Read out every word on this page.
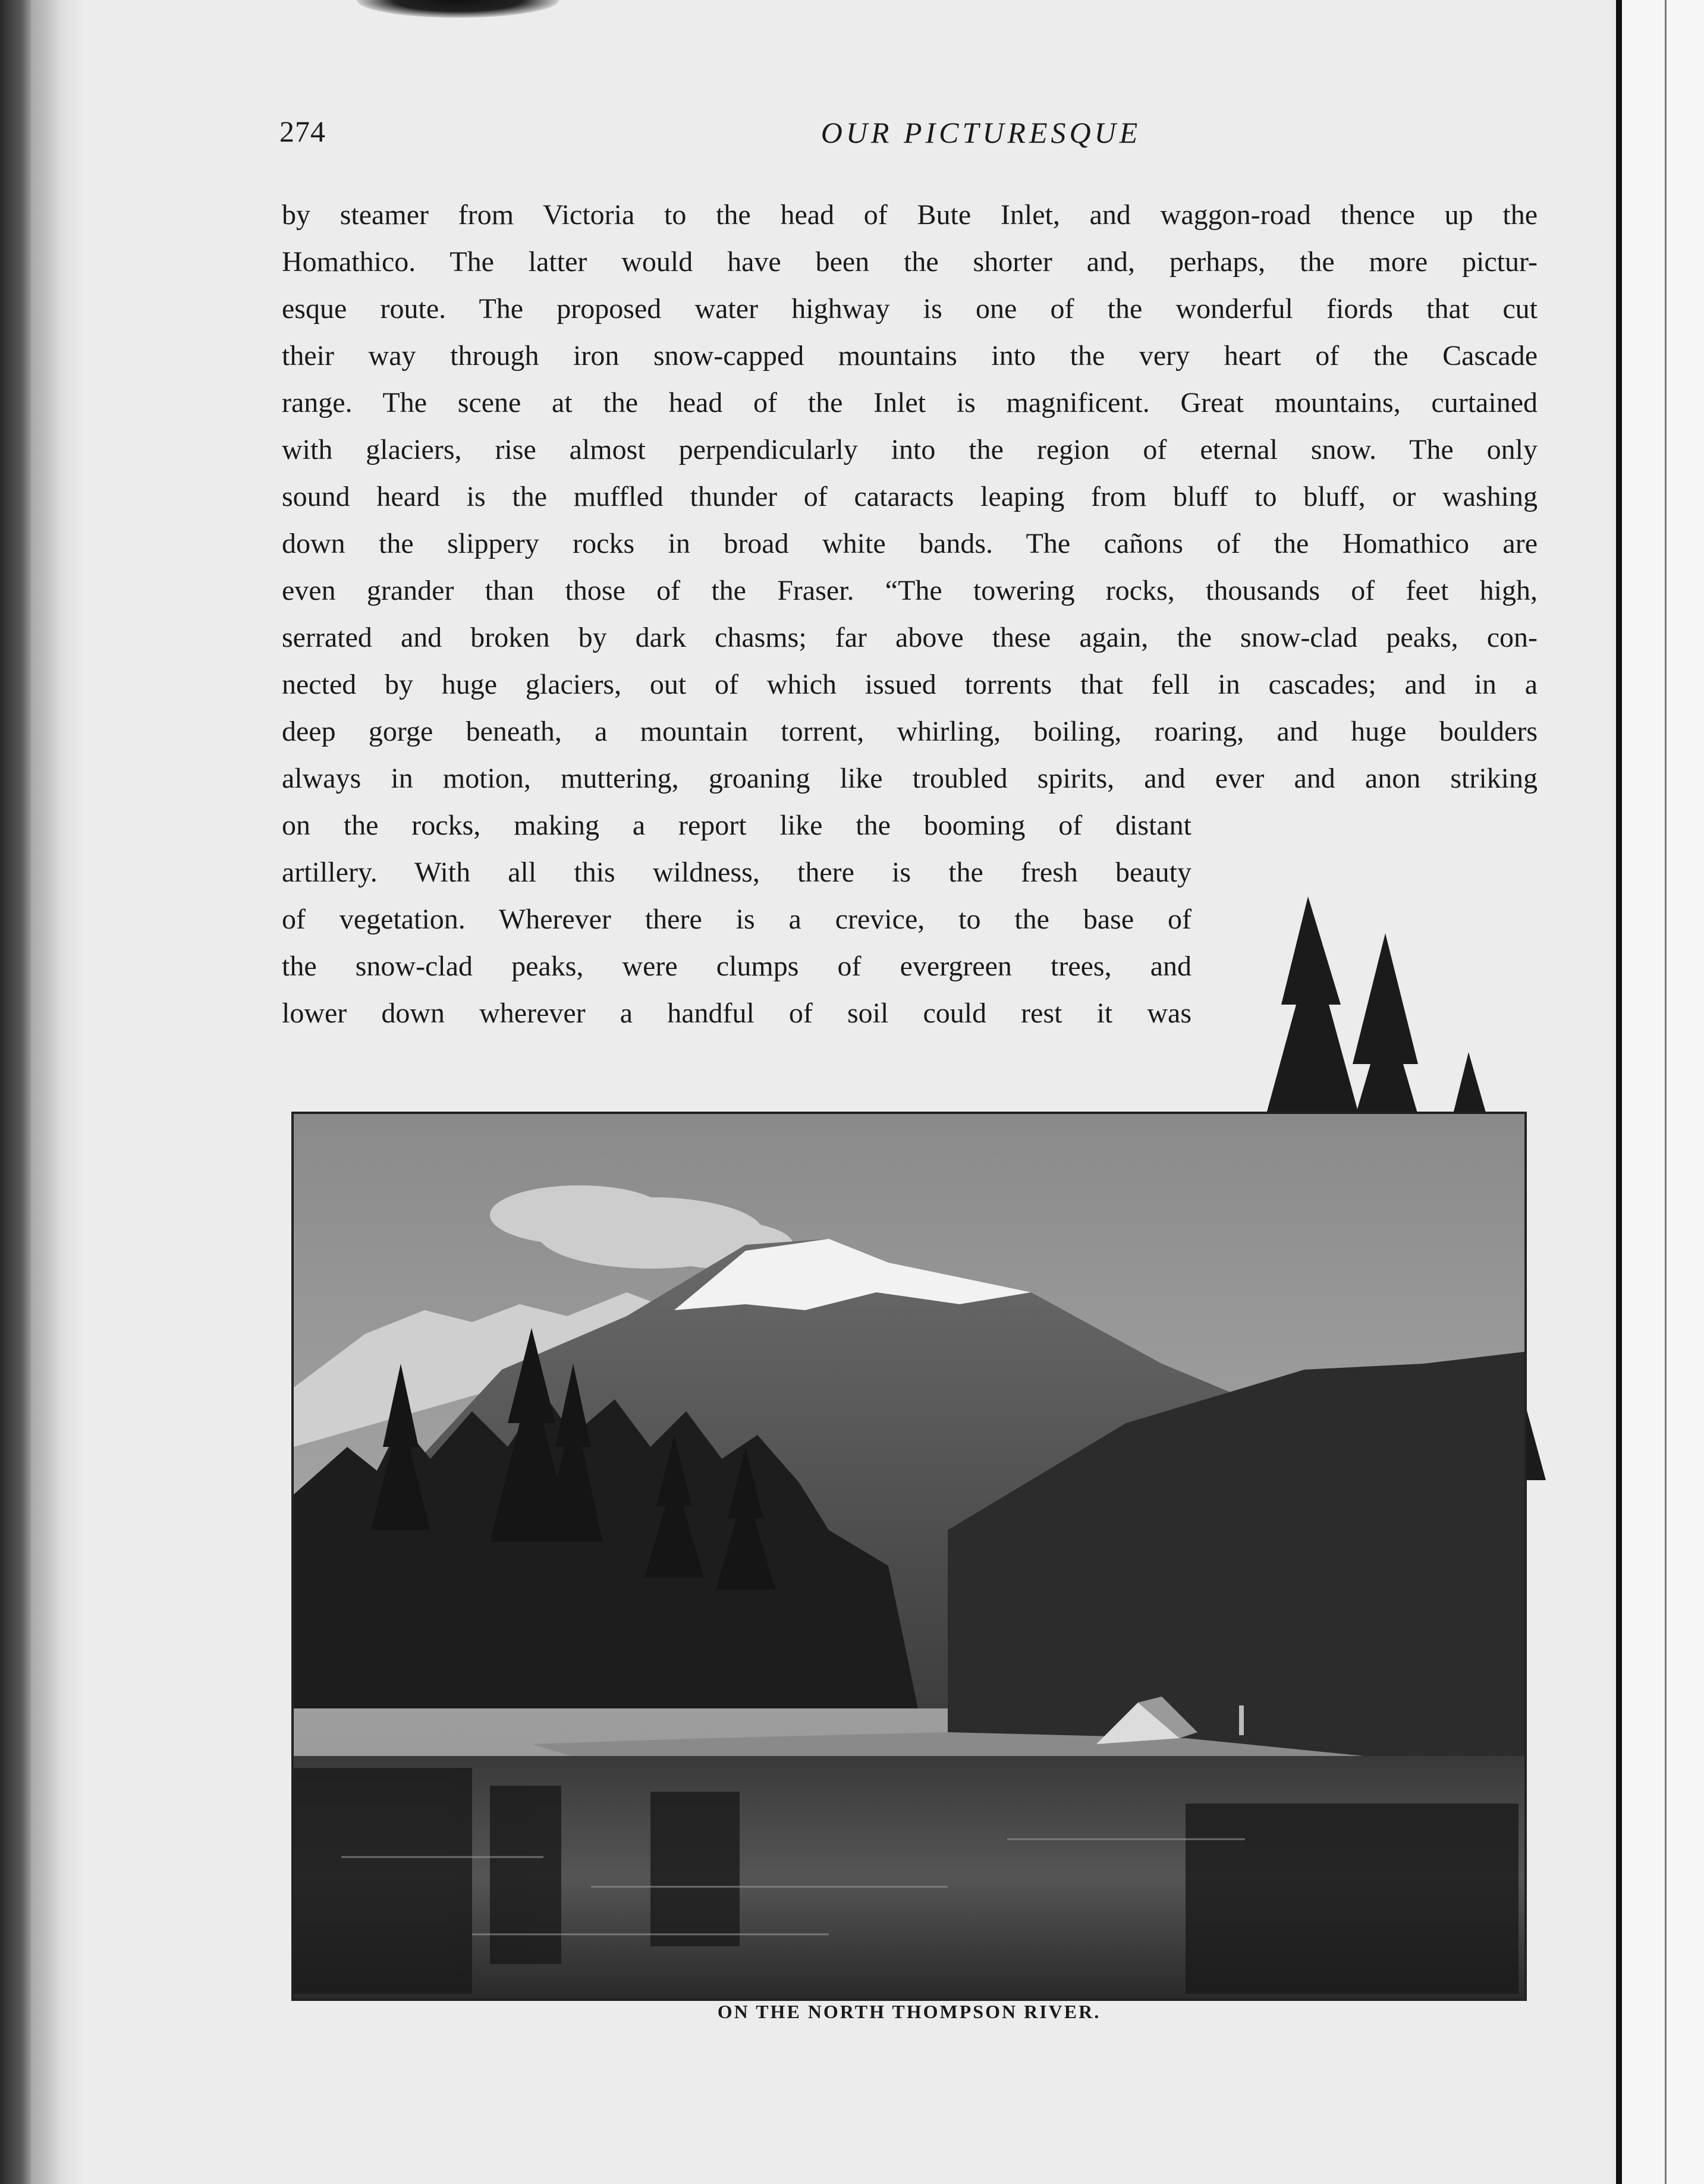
274	OUR PICTURESQUE
by steamer from Victoria to the head of Bute Inlet, and waggon-road thence up the
Homathico. The latter would have been the shorter and, perhaps, the more pictur-
esque route. The proposed water highway is one of the wonderful fiords that cut
their way through iron snow-capped mountains into the very heart of the Cascade
range. The scene at the head of the Inlet is magnificent. Great mountains, curtained
with glaciers, rise almost perpendicularly into the region of eternal snow. The only
sound heard is the muffled thunder of cataracts leaping from bluff to bluff, or washing
down the slippery rocks in broad white bands. The cañons of the Homathico are
even grander than those of the Fraser. “The towering rocks, thousands of feet high,
serrated and broken by dark chasms; far above these again, the snow-clad peaks, con-
nected by huge glaciers, out of which issued torrents that fell in cascades; and in a
deep gorge beneath, a mountain torrent, whirling, boiling, roaring, and huge boulders
always in motion, muttering, groaning like troubled spirits, and ever and anon striking
on the rocks, making a report like the booming of distant
artillery. With all this wildness, there is the fresh beauty
of vegetation. Wherever there is a crevice, to the base of
the snow-clad peaks, were clumps of evergreen trees, and
lower down wherever a handful of soil could rest it was
ON THE NORTH THOMPSON RIVER.
